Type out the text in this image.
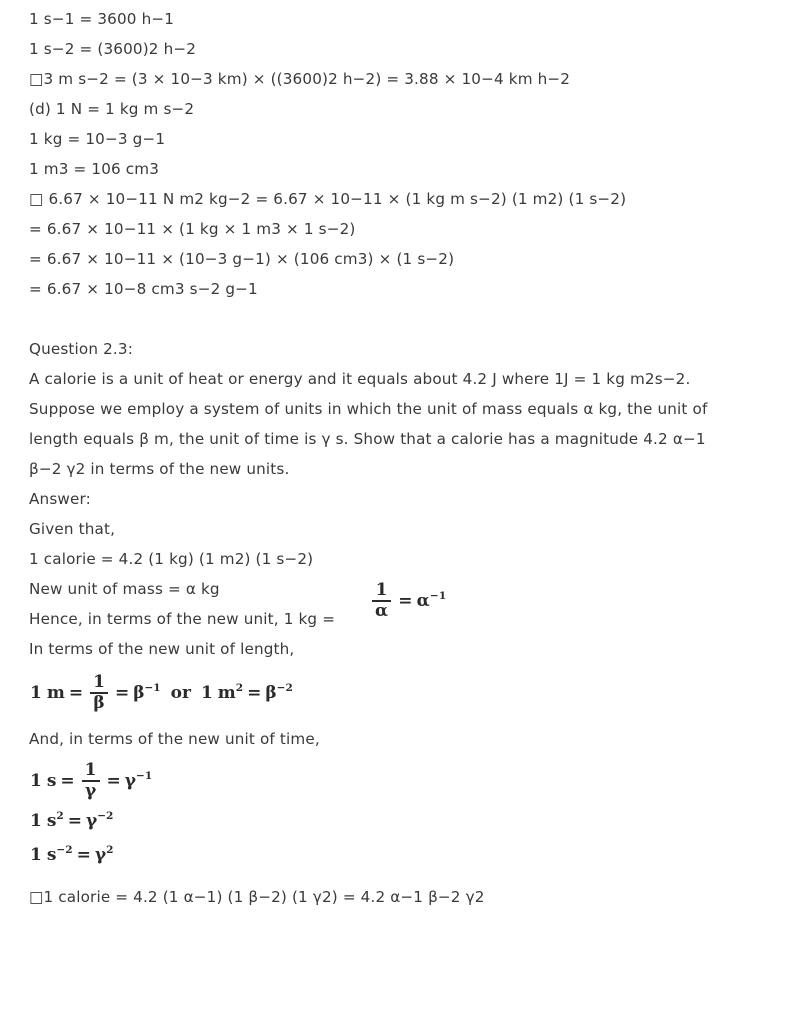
1 s−1 = 3600 h−1
1 s−2 = (3600)2 h−2
□3 m s−2 = (3 × 10−3 km) × ((3600)2 h−2) = 3.88 × 10−4 km h−2
(d) 1 N = 1 kg m s−2
1 kg = 10−3 g−1
1 m3 = 106 cm3
□ 6.67 × 10−11 N m2 kg−2 = 6.67 × 10−11 × (1 kg m s−2) (1 m2) (1 s−2)
= 6.67 × 10−11 × (1 kg × 1 m3 × 1 s−2)
= 6.67 × 10−11 × (10−3 g−1) × (106 cm3) × (1 s−2)
= 6.67 × 10−8 cm3 s−2 g−1
Question 2.3:
A calorie is a unit of heat or energy and it equals about 4.2 J where 1J = 1 kg m2s−2.
Suppose we employ a system of units in which the unit of mass equals α kg, the unit of
length equals β m, the unit of time is γ s. Show that a calorie has a magnitude 4.2 α−1
β−2 γ2 in terms of the new units.
Answer:
Given that,
1 calorie = 4.2 (1 kg) (1 m2) (1 s−2)
New unit of mass = α kg
Hence, in terms of the new unit, 1 kg = $\frac{1}{\alpha} = \alpha -1$
In terms of the new unit of length,
1 $m = \frac{1}{\beta} = \beta -1$ or 1 m 2 = β −2
And, in terms of the new unit of time,
1 $s = \frac{1}{\gamma} = \gamma -1$
1 s 2 = γ −2
1 s −2 = γ 2
□1 calorie = 4.2 (1 α−1) (1 β−2) (1 γ2) = 4.2 α−1 β−2 γ2
